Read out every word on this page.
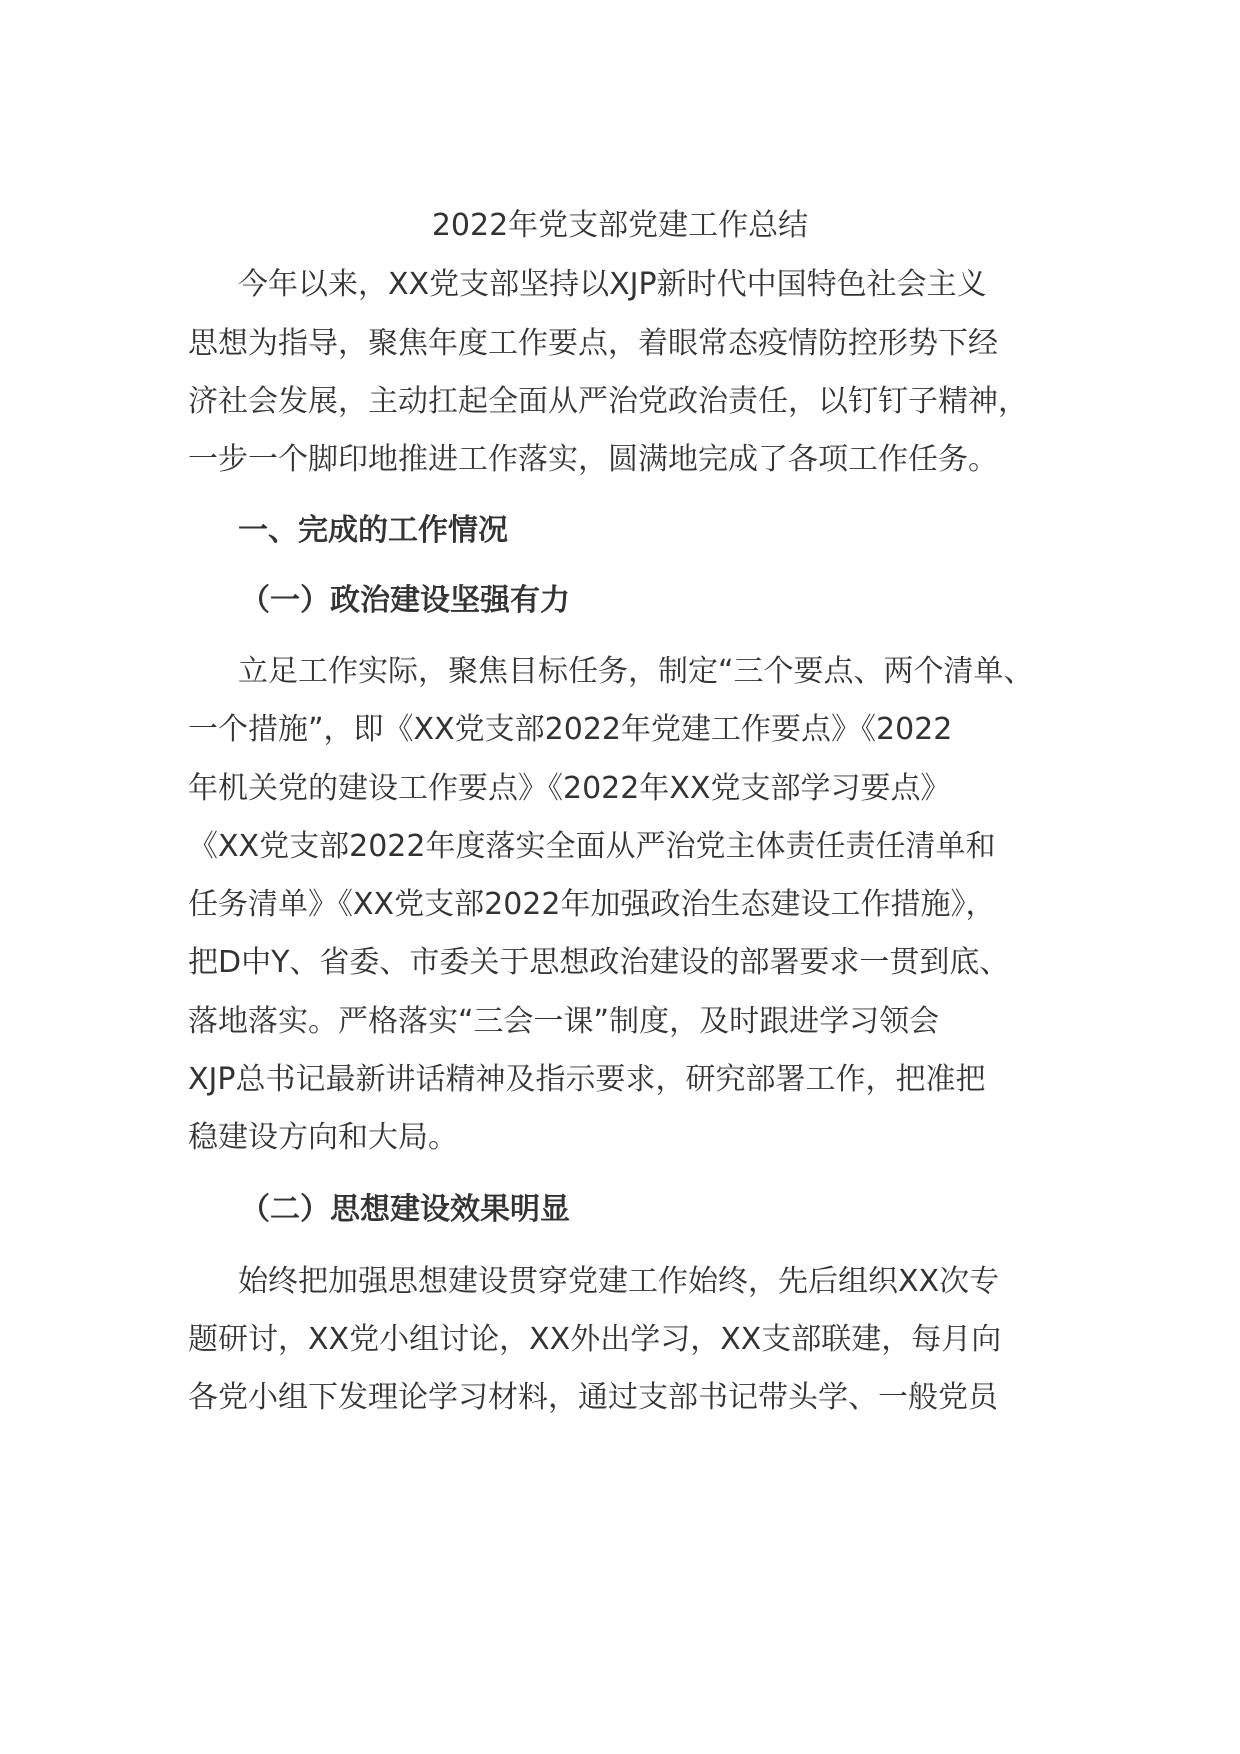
2022年党支部党建工作总结

今年以来，XX党支部坚持以XJP新时代中国特色社会主义

思想为指导，聚焦年度工作要点，着眼常态疫情防控形势下经

济社会发展，主动扛起全面从严治党政治责任，以钉钉子精神，

一步一个脚印地推进工作落实，圆满地完成了各项工作任务。

一、完成的工作情况

（一）政治建设坚强有力

立足工作实际，聚焦目标任务，制定“三个要点、两个清单、

一个措施”，即《XX党支部2022年党建工作要点》《2022

年机关党的建设工作要点》《2022年XX党支部学习要点》

《XX党支部2022年度落实全面从严治党主体责任责任清单和

任务清单》《XX党支部2022年加强政治生态建设工作措施》，

把D中Y、省委、市委关于思想政治建设的部署要求一贯到底、

落地落实。严格落实“三会一课”制度，及时跟进学习领会

XJP总书记最新讲话精神及指示要求，研究部署工作，把准把

稳建设方向和大局。

（二）思想建设效果明显

始终把加强思想建设贯穿党建工作始终，先后组织XX次专

题研讨，XX党小组讨论，XX外出学习，XX支部联建，每月向

各党小组下发理论学习材料，通过支部书记带头学、一般党员
